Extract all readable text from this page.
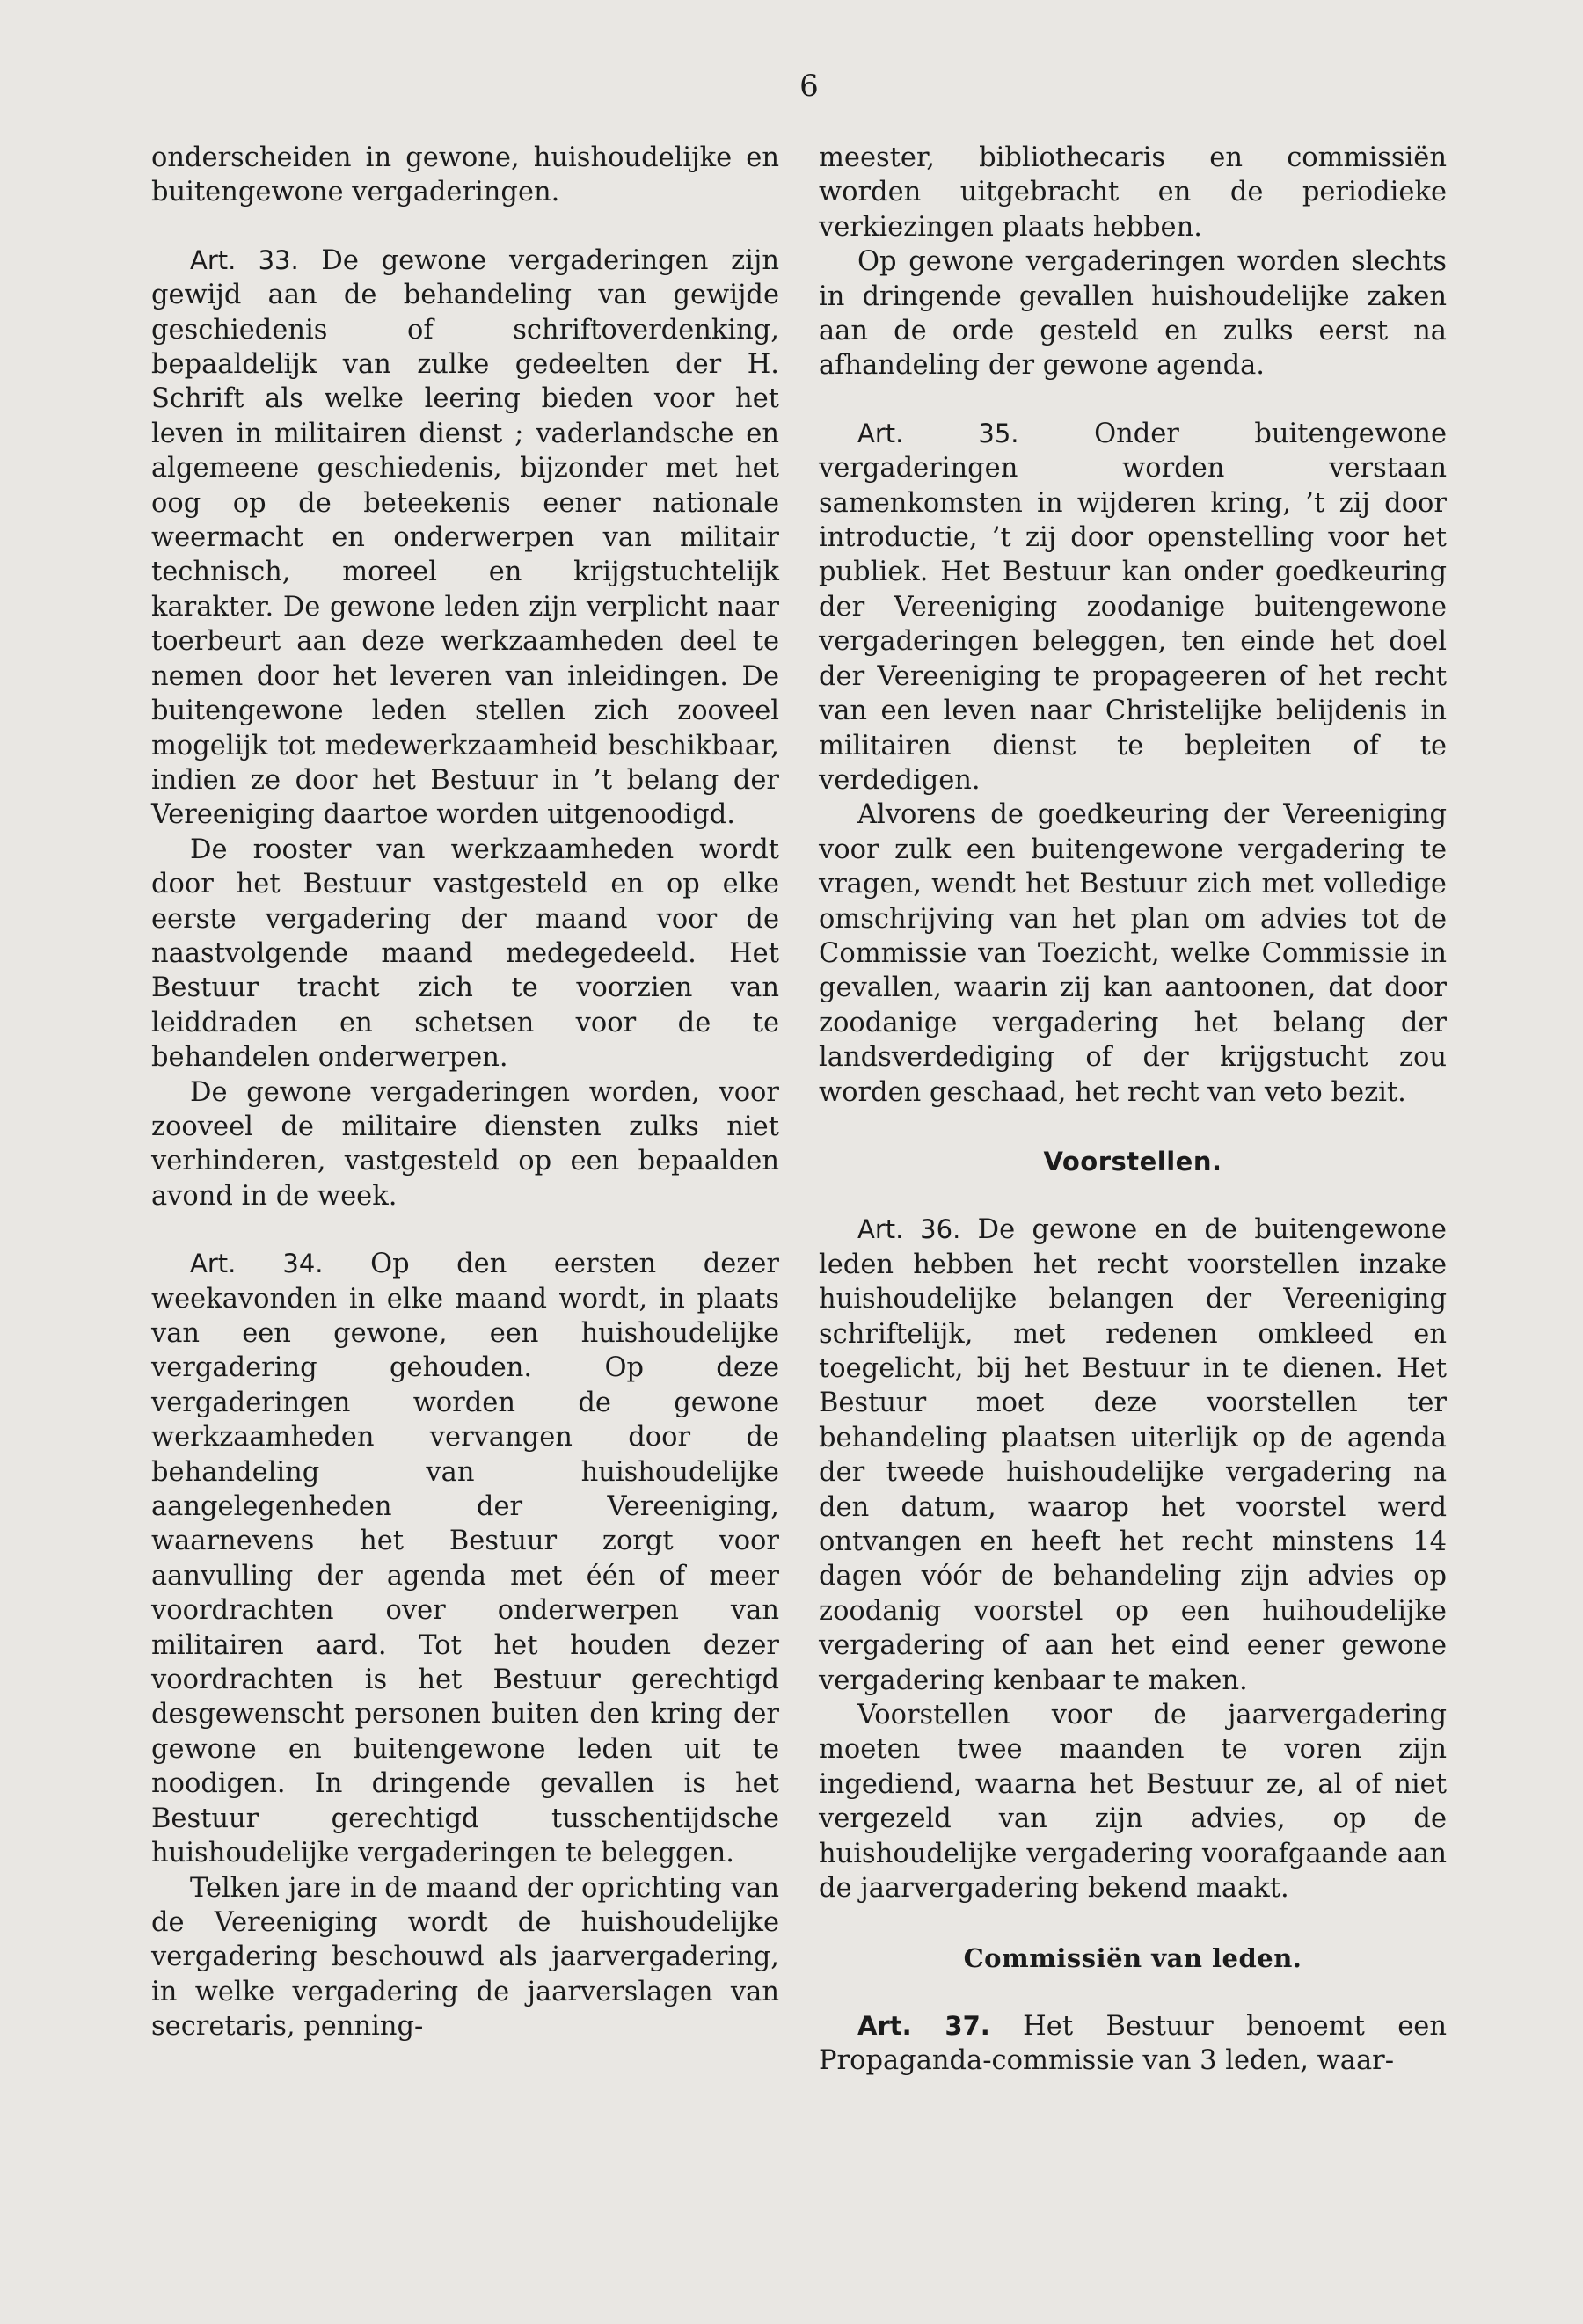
6

onderscheiden in gewone, huishoudelijke en buitengewone vergaderingen.

Art. 33. De gewone vergaderingen zijn gewijd aan de behandeling van gewijde geschiedenis of schriftoverdenking, bepaaldelijk van zulke gedeelten der H. Schrift als welke leering bieden voor het leven in militairen dienst ; vaderlandsche en algemeene geschiedenis, bijzonder met het oog op de beteekenis eener nationale weermacht en onderwerpen van militair technisch, moreel en krijgstuchtelijk karakter. De gewone leden zijn verplicht naar toerbeurt aan deze werkzaamheden deel te nemen door het leveren van inleidingen. De buitengewone leden stellen zich zooveel mogelijk tot medewerkzaamheid beschikbaar, indien ze door het Bestuur in ’t belang der Vereeniging daartoe worden uitgenoodigd.

De rooster van werkzaamheden wordt door het Bestuur vastgesteld en op elke eerste vergadering der maand voor de naastvolgende maand medegedeeld. Het Bestuur tracht zich te voorzien van leiddraden en schetsen voor de te behandelen onderwerpen.

De gewone vergaderingen worden, voor zooveel de militaire diensten zulks niet verhinderen, vastgesteld op een bepaalden avond in de week.

Art. 34. Op den eersten dezer weekavonden in elke maand wordt, in plaats van een gewone, een huishoudelijke vergadering gehouden. Op deze vergaderingen worden de gewone werkzaamheden vervangen door de behandeling van huishoudelijke aangelegenheden der Vereeniging, waarnevens het Bestuur zorgt voor aanvulling der agenda met één of meer voordrachten over onderwerpen van militairen aard. Tot het houden dezer voordrachten is het Bestuur gerechtigd desgewenscht personen buiten den kring der gewone en buitengewone leden uit te noodigen. In dringende gevallen is het Bestuur gerechtigd tusschentijdsche huishoudelijke vergaderingen te beleggen.

Telken jare in de maand der oprichting van de Vereeniging wordt de huishoudelijke vergadering beschouwd als jaarvergadering, in welke vergadering de jaarverslagen van secretaris, penning-

meester, bibliothecaris en commissiën worden uitgebracht en de periodieke verkiezingen plaats hebben.

Op gewone vergaderingen worden slechts in dringende gevallen huishoudelijke zaken aan de orde gesteld en zulks eerst na afhandeling der gewone agenda.

Art. 35.	Onder buitengewone vergaderingen worden verstaan samenkomsten in wijderen kring, ’t zij door introductie, ’t zij door openstelling voor het publiek. Het Bestuur kan onder goedkeuring der Vereeniging zoodanige buitengewone vergaderingen beleggen, ten einde het doel der Vereeniging te propageeren of het recht van een leven naar Christelijke belijdenis in militairen dienst te bepleiten of te verdedigen.

Alvorens de goedkeuring der Vereeniging voor zulk een buitengewone vergadering te vragen, wendt het Bestuur zich met volledige omschrijving van het plan om advies tot de Commissie van Toezicht, welke Commissie in gevallen, waarin zij kan aantoonen, dat door zoodanige vergadering het belang der landsverdediging of der krijgstucht zou worden geschaad, het recht van veto bezit.

Voorstellen.

Art. 36. De gewone en de buitengewone leden hebben het recht voorstellen inzake huishoudelijke belangen der Vereeniging schriftelijk, met redenen omkleed en toegelicht, bij het Bestuur in te dienen. Het Bestuur moet deze voorstellen ter behandeling plaatsen uiterlijk op de agenda der tweede huishoudelijke vergadering na den datum, waarop het voorstel werd ontvangen en heeft het recht minstens 14 dagen vóór de behandeling zijn advies op zoodanig voorstel op een huihoudelijke vergadering of aan het eind eener gewone vergadering kenbaar te maken.

Voorstellen voor de jaarvergadering moeten twee maanden te voren zijn ingediend, waarna het Bestuur ze, al of niet vergezeld van zijn advies, op de huishoudelijke vergadering voorafgaande aan de jaarvergadering bekend maakt.

Commissiën van leden.

Art. 37. Het Bestuur benoemt een Propaganda-commissie van 3 leden, waar-
